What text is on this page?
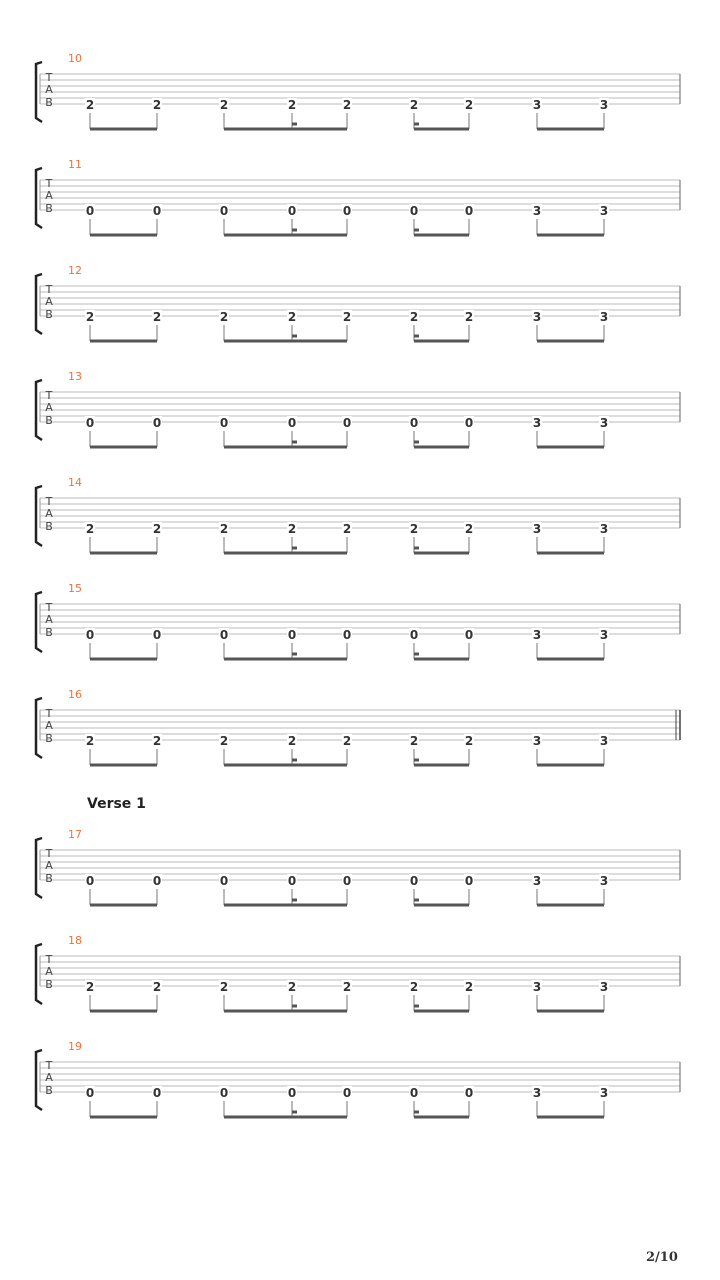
Verse 1
2/10
10
T
A
B	2	2	2	2	2	2	2	3	3
11
T
A
B	0	0	0	0	0	0	0	3	3
12
T
A
B	2	2	2	2	2	2	2	3	3
13
T
A
B	0	0	0	0	0	0	0	3	3
14
T
A
B	2	2	2	2	2	2	2	3	3
15
T
A
B	0	0	0	0	0	0	0	3	3
16
T
A
B	2	2	2	2	2	2	2	3	3
17
T
A
B	0	0	0	0	0	0	0	3	3
18
T
A
B	2	2	2	2	2	2	2	3	3
19
T
A
B	0	0	0	0	0	0	0	3	3
